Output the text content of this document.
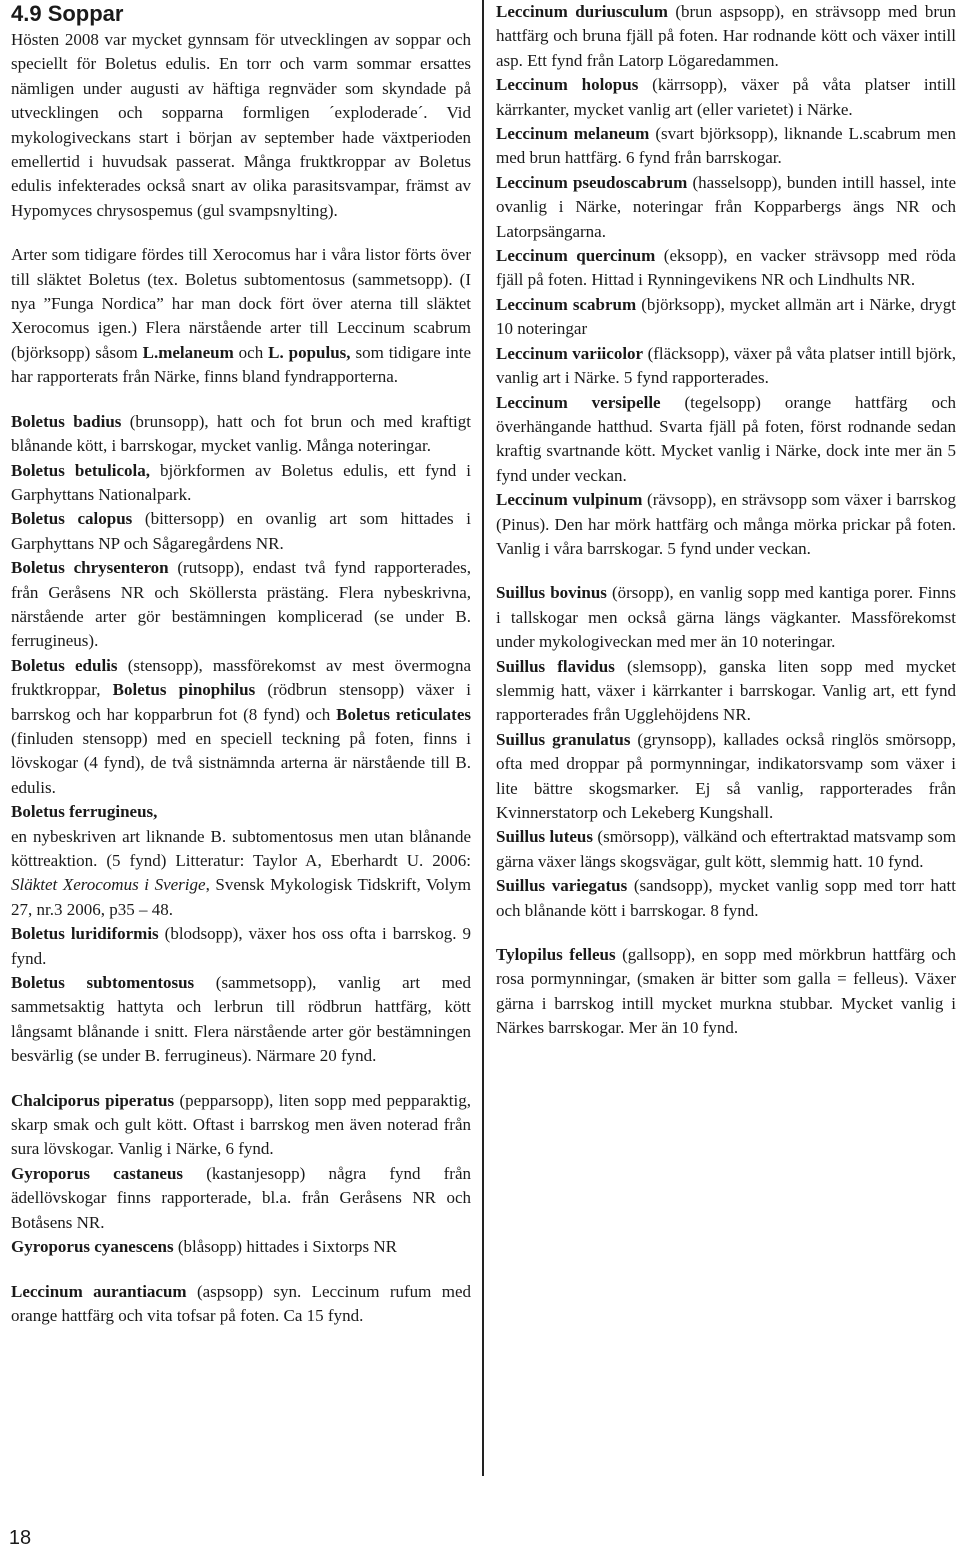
4.9 Soppar

Hösten 2008 var mycket gynnsam för utvecklingen av soppar och speciellt för Boletus edulis. En torr och varm sommar ersattes nämligen under augusti av häftiga regnväder som skyndade på utvecklingen och sopparna formligen ´exploderade´. Vid mykologiveckans start i början av september hade växtperioden emellertid i huvudsak passerat. Många fruktkroppar av Boletus edulis infekterades också snart av olika parasitsvampar, främst av Hypomyces chrysospemus (gul svampsnylting).

Arter som tidigare fördes till Xerocomus har i våra listor förts över till släktet Boletus (tex. Boletus subtomentosus (sammetsopp). (I nya ”Funga Nordica” har man dock fört över aterna till släktet Xerocomus igen.) Flera närstående arter till Leccinum scabrum (björksopp) såsom L.melaneum och L. populus, som tidigare inte har rapporterats från Närke, finns bland fyndrapporterna.

Boletus badius (brunsopp), hatt och fot brun och med kraftigt blånande kött, i barrskogar, mycket vanlig. Många noteringar.

Boletus betulicola, björkformen av Boletus edulis, ett fynd i Garphyttans Nationalpark.

Boletus calopus (bittersopp) en ovanlig art som hittades i Garphyttans NP och Sågaregårdens NR.

Boletus chrysenteron (rutsopp), endast två fynd rapporterades, från Geråsens NR och Sköllersta prästäng. Flera nybeskrivna, närstående arter gör bestämningen komplicerad (se under B. ferrugineus).

Boletus edulis (stensopp), massförekomst av mest övermogna fruktkroppar, Boletus pinophilus (rödbrun stensopp) växer i barrskog och har kopparbrun fot (8 fynd) och Boletus reticulates (finluden stensopp) med en speciell teckning på foten, finns i lövskogar (4 fynd), de två sistnämnda arterna är närstående till B. edulis.

Boletus ferrugineus,
en nybeskriven art liknande B. subtomentosus men utan blånande köttreaktion. (5 fynd) Litteratur: Taylor A, Eberhardt U. 2006: Släktet Xerocomus i Sverige, Svensk Mykologisk Tidskrift, Volym 27, nr.3 2006, p35 – 48.

Boletus luridiformis (blodsopp), växer hos oss ofta i barrskog. 9 fynd.

Boletus subtomentosus (sammetsopp), vanlig art med sammetsaktig hattyta och lerbrun till rödbrun hattfärg, kött långsamt blånande i snitt. Flera närstående arter gör bestämningen besvärlig (se under B. ferrugineus). Närmare 20 fynd.

Chalciporus piperatus (pepparsopp), liten sopp med pepparaktig, skarp smak och gult kött. Oftast i barrskog men även noterad från sura lövskogar. Vanlig i Närke, 6 fynd.

Gyroporus castaneus (kastanjesopp) några fynd från ädellövskogar finns rapporterade, bl.a. från Geråsens NR och Botåsens NR.

Gyroporus cyanescens (blåsopp) hittades i Sixtorps NR

Leccinum aurantiacum (aspsopp) syn. Leccinum rufum med orange hattfärg och vita tofsar på foten. Ca 15 fynd.

Leccinum duriusculum (brun aspsopp), en strävsopp med brun hattfärg och bruna fjäll på foten. Har rodnande kött och växer intill asp. Ett fynd från Latorp Lögaredammen.

Leccinum holopus (kärrsopp), växer på våta platser intill kärrkanter, mycket vanlig art (eller varietet) i Närke.

Leccinum melaneum (svart björksopp), liknande L.scabrum men med brun hattfärg. 6 fynd från barrskogar.

Leccinum pseudoscabrum (hasselsopp), bunden intill hassel, inte ovanlig i Närke, noteringar från Kopparbergs ängs NR och Latorpsängarna.

Leccinum quercinum (eksopp), en vacker strävsopp med röda fjäll på foten. Hittad i Rynningevikens NR och Lindhults NR.

Leccinum scabrum (björksopp), mycket allmän art i Närke, drygt 10 noteringar

Leccinum variicolor (fläcksopp), växer på våta platser intill björk, vanlig art i Närke. 5 fynd rapporterades.

Leccinum versipelle (tegelsopp) orange hattfärg och överhängande hatthud. Svarta fjäll på foten, först rodnande sedan kraftig svartnande kött. Mycket vanlig i Närke, dock inte mer än 5 fynd under veckan.

Leccinum vulpinum (rävsopp), en strävsopp som växer i barrskog (Pinus). Den har mörk hattfärg och många mörka prickar på foten. Vanlig i våra barrskogar. 5 fynd under veckan.

Suillus bovinus (örsopp), en vanlig sopp med kantiga porer. Finns i tallskogar men också gärna längs vägkanter. Massförekomst under mykologiveckan med mer än 10 noteringar.

Suillus flavidus (slemsopp), ganska liten sopp med mycket slemmig hatt, växer i kärrkanter i barrskogar. Vanlig art, ett fynd rapporterades från Ugglehöjdens NR.

Suillus granulatus (grynsopp), kallades också ringlös smörsopp, ofta med droppar på pormynningar, indikatorsvamp som växer i lite bättre skogsmarker. Ej så vanlig, rapporterades från Kvinnerstatorp och Lekeberg Kungshall.

Suillus luteus (smörsopp), välkänd och eftertraktad matsvamp som gärna växer längs skogsvägar, gult kött, slemmig hatt. 10 fynd.

Suillus variegatus (sandsopp), mycket vanlig sopp med torr hatt och blånande kött i barrskogar. 8 fynd.

Tylopilus felleus (gallsopp), en sopp med mörkbrun hattfärg och rosa pormynningar, (smaken är bitter som galla = felleus). Växer gärna i barrskog intill mycket murkna stubbar. Mycket vanlig i Närkes barrskogar. Mer än 10 fynd.

18
